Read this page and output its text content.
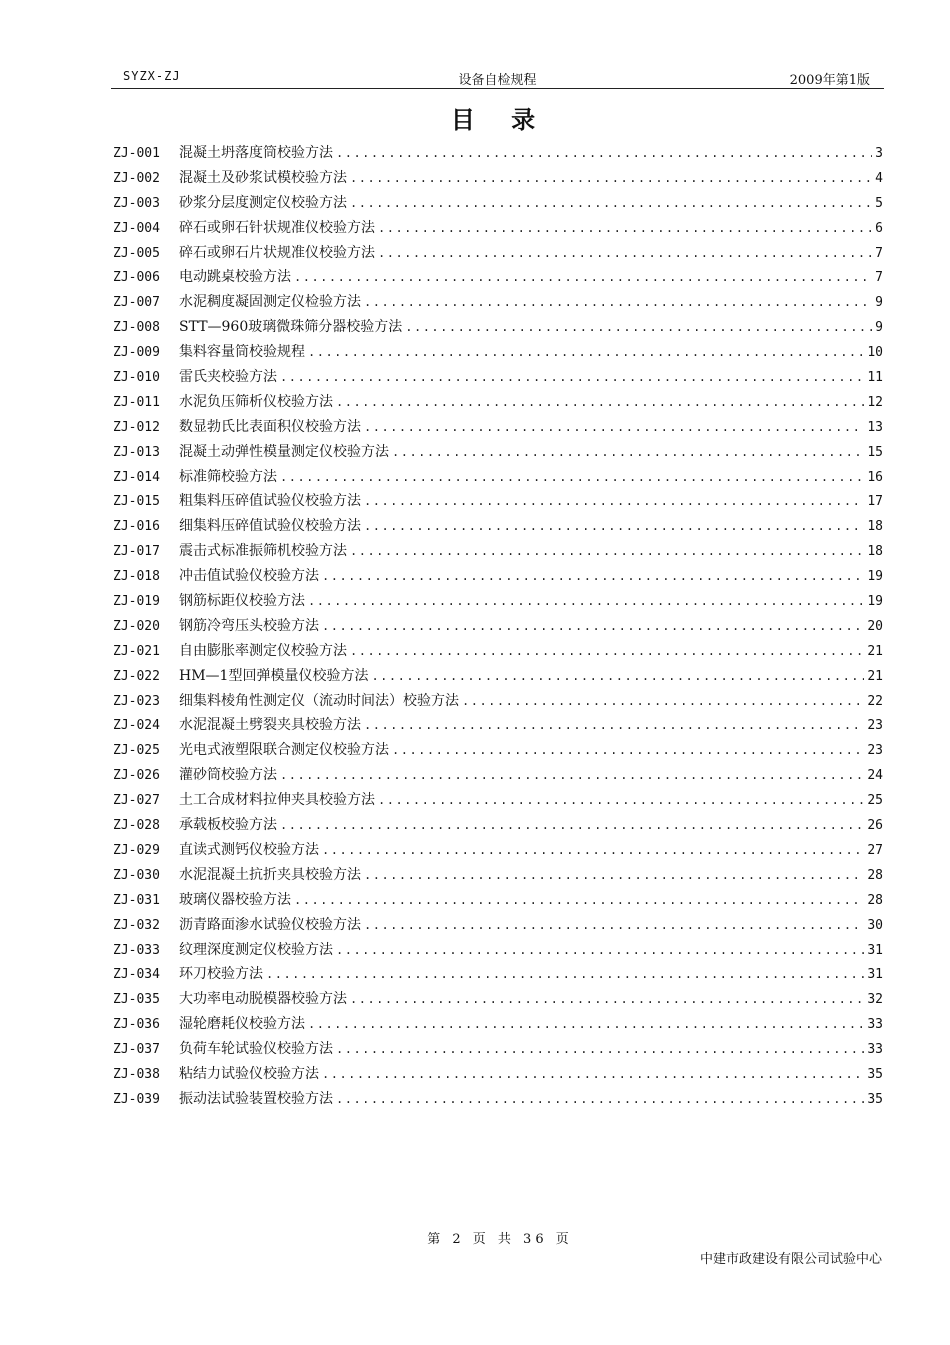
SYZX-ZJ	设备自检规程	2009年第1版
目 录
ZJ-001	混凝土坍落度筒校验方法 .....	3
ZJ-002	混凝土及砂浆试模校验方法 .....	4
ZJ-003	砂浆分层度测定仪校验方法 .....	5
ZJ-004	碎石或卵石针状规准仪校验方法 .....	6
ZJ-005	碎石或卵石片状规准仪校验方法 .....	7
ZJ-006	电动跳桌校验方法 .....	7
ZJ-007	水泥稠度凝固测定仪检验方法 .....	9
ZJ-008	STT—960玻璃微珠筛分器校验方法 .....	9
ZJ-009	集料容量筒校验规程 .....	10
ZJ-010	雷氏夹校验方法 .....	11
ZJ-011	水泥负压筛析仪校验方法 .....	12
ZJ-012	数显勃氏比表面积仪校验方法 .....	13
ZJ-013	混凝土动弹性模量测定仪校验方法 .....	15
ZJ-014	标准筛校验方法 .....	16
ZJ-015	粗集料压碎值试验仪校验方法 .....	17
ZJ-016	细集料压碎值试验仪校验方法 .....	18
ZJ-017	震击式标准振筛机校验方法 .....	18
ZJ-018	冲击值试验仪校验方法 .....	19
ZJ-019	钢筋标距仪校验方法 .....	19
ZJ-020	钢筋冷弯压头校验方法 .....	20
ZJ-021	自由膨胀率测定仪校验方法 .....	21
ZJ-022	HM—1型回弹模量仪校验方法 .....	21
ZJ-023	细集料棱角性测定仪（流动时间法）校验方法 .....	22
ZJ-024	水泥混凝土劈裂夹具校验方法 .....	23
ZJ-025	光电式液塑限联合测定仪校验方法 .....	23
ZJ-026	灌砂筒校验方法 .....	24
ZJ-027	土工合成材料拉伸夹具校验方法 .....	25
ZJ-028	承载板校验方法 .....	26
ZJ-029	直读式测钙仪校验方法 .....	27
ZJ-030	水泥混凝土抗折夹具校验方法 .....	28
ZJ-031	玻璃仪器校验方法 .....	28
ZJ-032	沥青路面渗水试验仪校验方法 .....	30
ZJ-033	纹理深度测定仪校验方法 .....	31
ZJ-034	环刀校验方法 .....	31
ZJ-035	大功率电动脱模器校验方法 .....	32
ZJ-036	湿轮磨耗仪校验方法 .....	33
ZJ-037	负荷车轮试验仪校验方法 .....	33
ZJ-038	粘结力试验仪校验方法 .....	35
ZJ-039	振动法试验装置校验方法 .....	35
第 2 页 共 36 页
中建市政建设有限公司试验中心
